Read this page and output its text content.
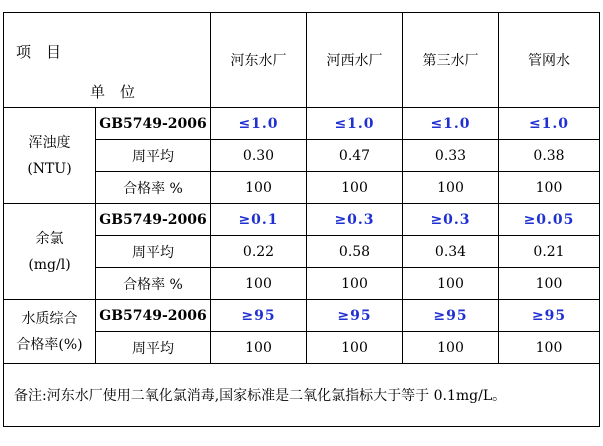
项　目
单　位		河东水厂	河西水厂	第三水厂	管网水

浑浊度
(NTU)	GB5749-2006	≤1.0	≤1.0	≤1.0	≤1.0
	周平均	0.30	0.47	0.33	0.38
	合格率 %	100	100	100	100

余氯
(mg/l)	GB5749-2006	≥0.1	≥0.3	≥0.3	≥0.05
	周平均	0.22	0.58	0.34	0.21
	合格率 %	100	100	100	100

水质综合
合格率(%)	GB5749-2006	≥95	≥95	≥95	≥95
	周平均	100	100	100	100
备注:河东水厂使用二氧化氯消毒,国家标准是二氧化氯指标大于等于 0.1mg/L。					
